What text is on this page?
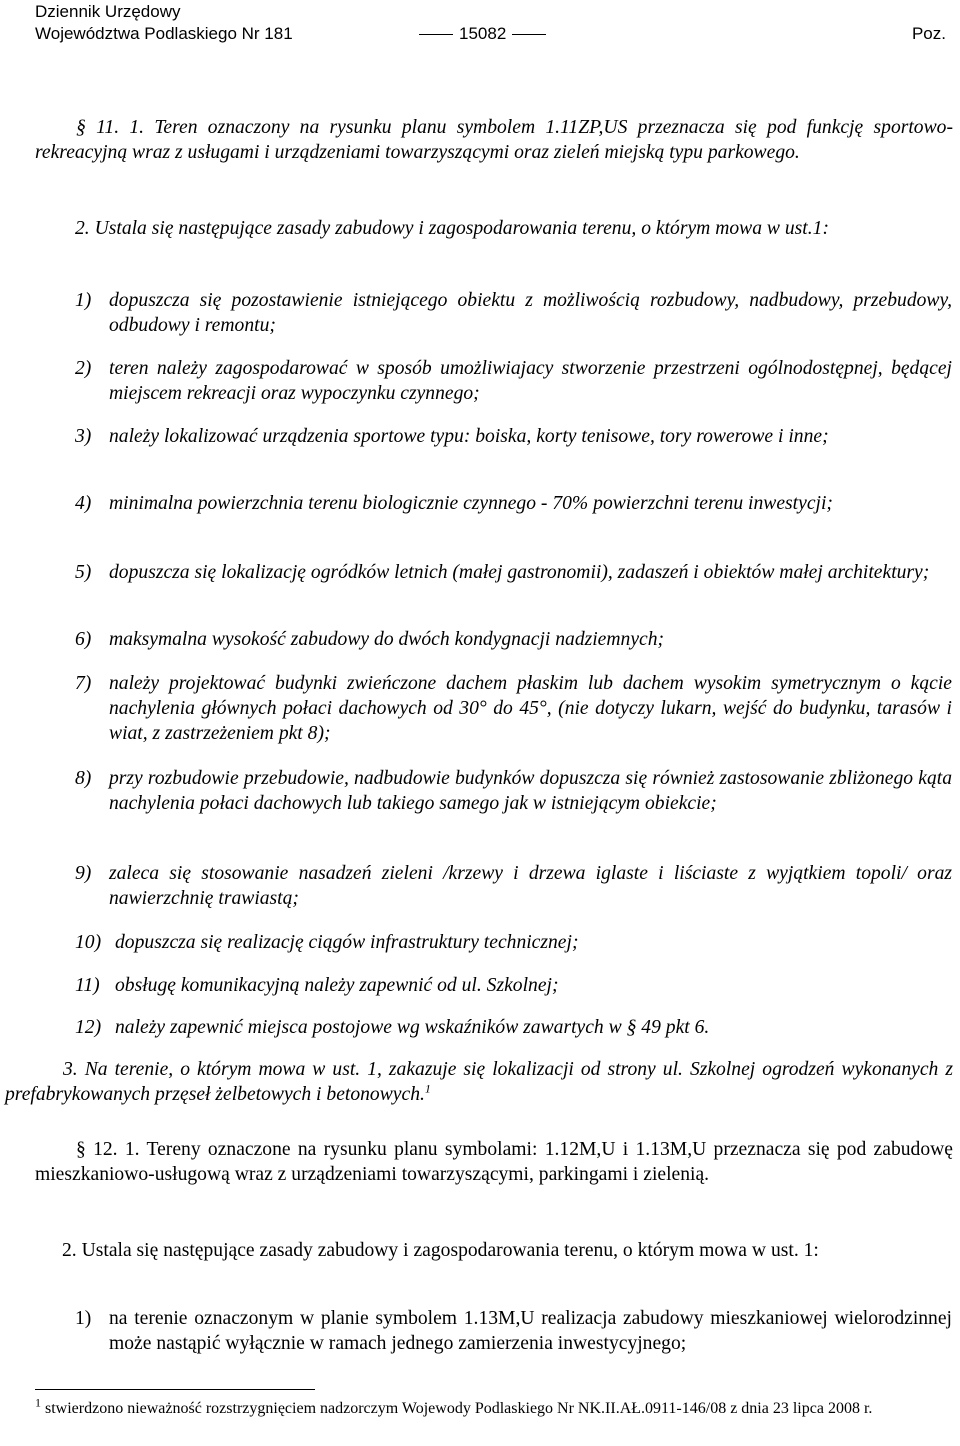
Dziennik Urzędowy
Województwa Podlaskiego Nr 181	15082	Poz.

§ 11. 1. Teren oznaczony na rysunku planu symbolem 1.11ZP,US przeznacza się pod funkcję sportowo-rekreacyjną wraz z usługami i urządzeniami towarzyszącymi oraz zieleń miejską typu parkowego.

2. Ustala się następujące zasady zabudowy i zagospodarowania terenu, o którym mowa w ust.1:

1) dopuszcza się pozostawienie istniejącego obiektu z możliwością rozbudowy, nadbudowy, przebudowy, odbudowy i remontu;
2) teren należy zagospodarować w sposób umożliwiajacy stworzenie przestrzeni ogólnodostępnej, będącej miejscem rekreacji oraz wypoczynku czynnego;
3) należy lokalizować urządzenia sportowe typu: boiska, korty tenisowe, tory rowerowe i inne;
4) minimalna powierzchnia terenu biologicznie czynnego - 70% powierzchni terenu inwestycji;
5) dopuszcza się lokalizację ogródków letnich (małej gastronomii), zadaszeń i obiektów małej architektury;
6) maksymalna wysokość zabudowy do dwóch kondygnacji nadziemnych;
7) należy projektować budynki zwieńczone dachem płaskim lub dachem wysokim symetrycznym o kącie nachylenia głównych połaci dachowych od 30° do 45°, (nie dotyczy lukarn, wejść do budynku, tarasów i wiat, z zastrzeżeniem pkt 8);
8) przy rozbudowie przebudowie, nadbudowie budynków dopuszcza się również zastosowanie zbliżonego kąta nachylenia połaci dachowych lub takiego samego jak w istniejącym obiekcie;
9) zaleca się stosowanie nasadzeń zieleni /krzewy i drzewa iglaste i liściaste z wyjątkiem topoli/ oraz nawierzchnię trawiastą;
10) dopuszcza się realizację ciągów infrastruktury technicznej;
11) obsługę komunikacyjną należy zapewnić od ul. Szkolnej;
12) należy zapewnić miejsca postojowe wg wskaźników zawartych w § 49 pkt 6.

3. Na terenie, o którym mowa w ust. 1, zakazuje się lokalizacji od strony ul. Szkolnej ogrodzeń wykonanych z prefabrykowanych przęseł żelbetowych i betonowych.$^1$

§ 12. 1. Tereny oznaczone na rysunku planu symbolami: 1.12M,U i 1.13M,U przeznacza się pod zabudowę mieszkaniowo-usługową wraz z urządzeniami towarzyszącymi, parkingami i zielenią.

2. Ustala się następujące zasady zabudowy i zagospodarowania terenu, o którym mowa w ust. 1:

1) na terenie oznaczonym w planie symbolem 1.13M,U realizacja zabudowy mieszkaniowej wielorodzinnej może nastąpić wyłącznie w ramach jednego zamierzenia inwestycyjnego;
$^1$ stwierdzono nieważność rozstrzygnięciem nadzorczym Wojewody Podlaskiego Nr NK.II.AŁ.0911-146/08 z dnia 23 lipca 2008 r.
